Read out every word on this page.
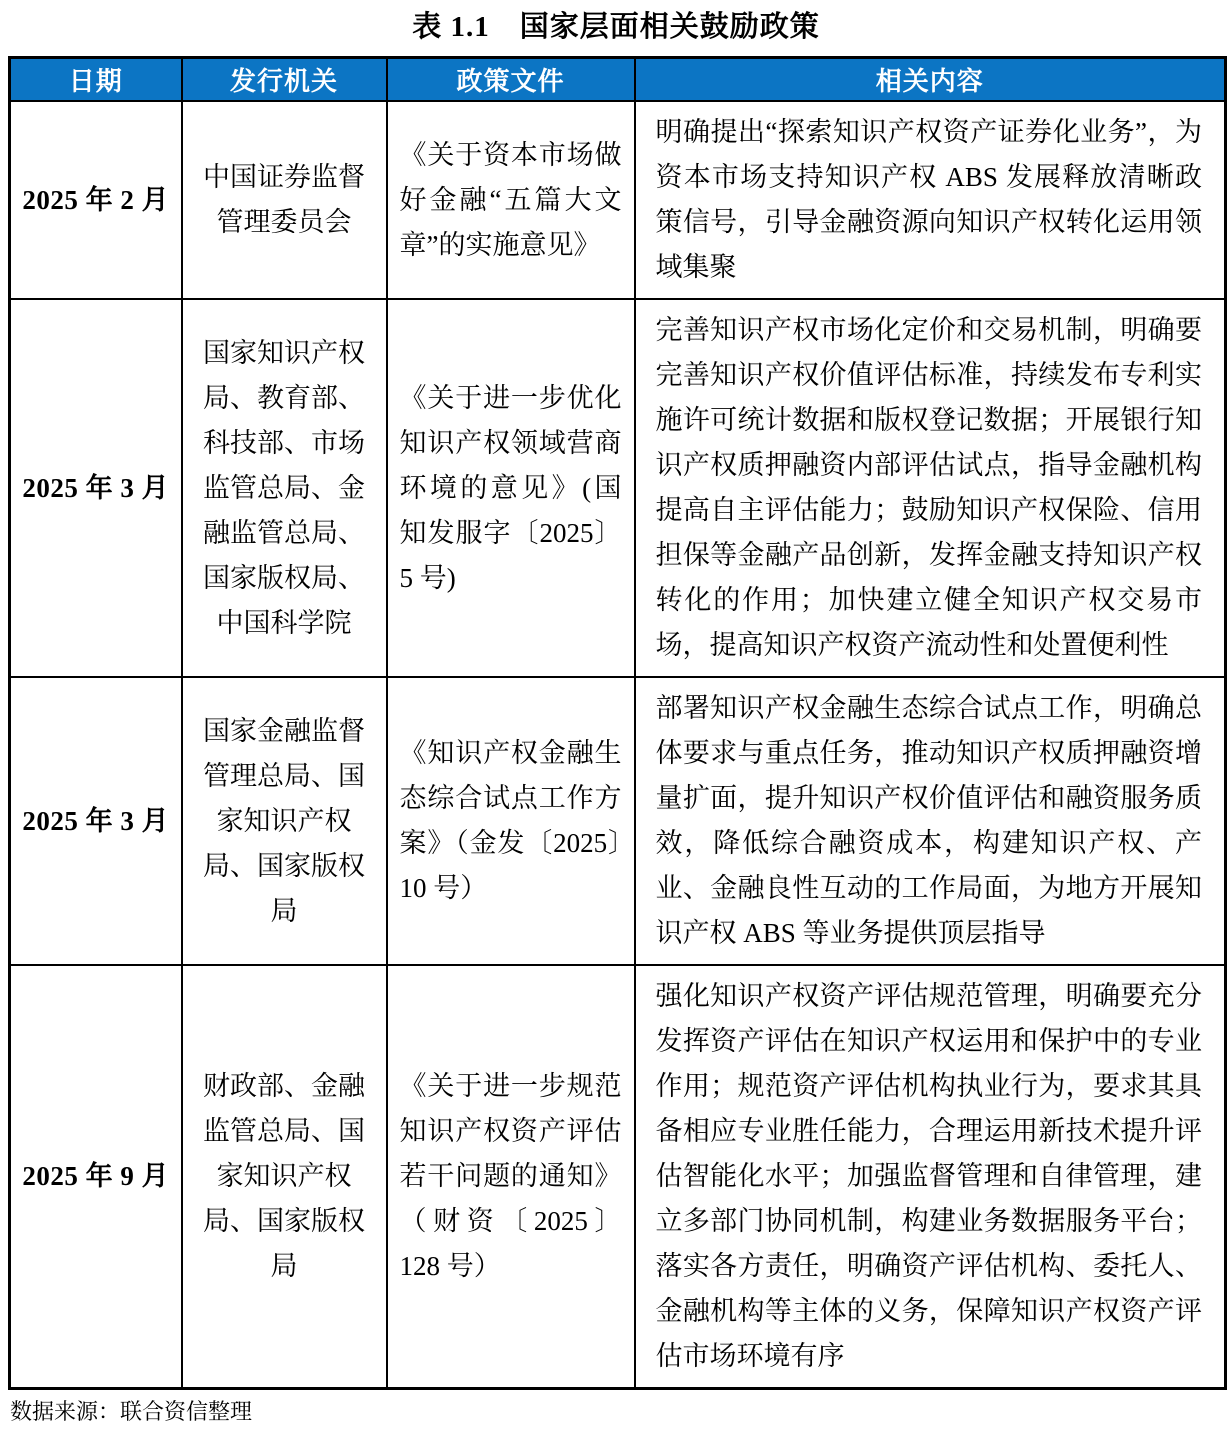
表 1.1　国家层面相关鼓励政策
日期	发行机关	政策文件	相关内容
2025 年 2 月	中国证券监督管理委员会	《关于资本市场做好金融“五篇大文章”的实施意见》	明确提出“探索知识产权资产证券化业务”，为资本市场支持知识产权 ABS 发展释放清晰政策信号，引导金融资源向知识产权转化运用领域集聚
2025 年 3 月	国家知识产权局、教育部、科技部、市场监管总局、金融监管总局、国家版权局、中国科学院	《关于进一步优化知识产权领域营商环境的意见》(国知发服字〔2025〕5 号)	完善知识产权市场化定价和交易机制，明确要完善知识产权价值评估标准，持续发布专利实施许可统计数据和版权登记数据；开展银行知识产权质押融资内部评估试点，指导金融机构提高自主评估能力；鼓励知识产权保险、信用担保等金融产品创新，发挥金融支持知识产权转化的作用；加快建立健全知识产权交易市场，提高知识产权资产流动性和处置便利性
2025 年 3 月	国家金融监督管理总局、国家知识产权局、国家版权局	《知识产权金融生态综合试点工作方案》（金发〔2025〕10 号）	部署知识产权金融生态综合试点工作，明确总体要求与重点任务，推动知识产权质押融资增量扩面，提升知识产权价值评估和融资服务质效，降低综合融资成本，构建知识产权、产业、金融良性互动的工作局面，为地方开展知识产权 ABS 等业务提供顶层指导
2025 年 9 月	财政部、金融监管总局、国家知识产权局、国家版权局	《关于进一步规范知识产权资产评估若干问题的通知》（财资〔2025〕128 号）	强化知识产权资产评估规范管理，明确要充分发挥资产评估在知识产权运用和保护中的专业作用；规范资产评估机构执业行为，要求其具备相应专业胜任能力，合理运用新技术提升评估智能化水平；加强监督管理和自律管理，建立多部门协同机制，构建业务数据服务平台；落实各方责任，明确资产评估机构、委托人、金融机构等主体的义务，保障知识产权资产评估市场环境有序
数据来源：联合资信整理
